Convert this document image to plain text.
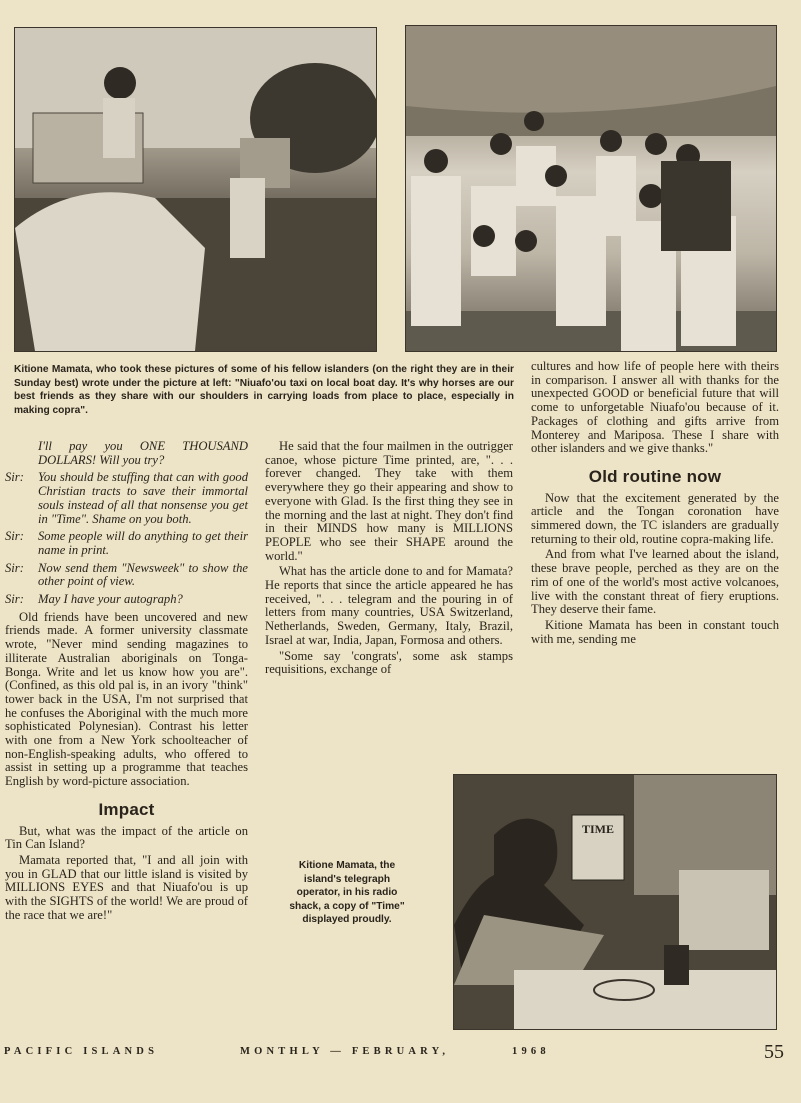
Kitione Mamata, who took these pictures of some of his fellow islanders (on the right they are in their Sunday best) wrote under the picture at left: "Niuafo'ou taxi on local boat day. It's why horses are our best friends as they share with our shoulders in carrying loads from place to place, especially in making copra".

I'll pay you ONE THOUSAND DOLLARS! Will you try?
Sir:	You should be stuffing that can with good Christian tracts to save their immortal souls instead of all that nonsense you get in "Time". Shame on you both.
Sir:	Some people will do anything to get their name in print.
Sir:	Now send them "Newsweek" to show the other point of view.
Sir:	May I have your autograph?

Old friends have been uncovered and new friends made. A former university classmate wrote, "Never mind sending magazines to illiterate Australian aboriginals on Tonga-Bonga. Write and let us know how you are". (Confined, as this old pal is, in an ivory "think" tower back in the USA, I'm not surprised that he confuses the Aboriginal with the much more sophisticated Polynesian). Contrast his letter with one from a New York schoolteacher of non-English-speaking adults, who offered to assist in setting up a programme that teaches English by word-picture association.

Impact

But, what was the impact of the article on Tin Can Island?

Mamata reported that, "I and all join with you in GLAD that our little island is visited by MILLIONS EYES and that Niuafo'ou is up with the SIGHTS of the world! We are proud of the race that we are!"

He said that the four mailmen in the outrigger canoe, whose picture Time printed, are, ". . . forever changed. They take with them everywhere they go their appearing and show to everyone with Glad. Is the first thing they see in the morning and the last at night. They don't find in their MINDS how many is MILLIONS PEOPLE who see their SHAPE around the world."

What has the article done to and for Mamata? He reports that since the article appeared he has received, ". . . telegram and the pouring in of letters from many countries, USA Switzerland, Netherlands, Sweden, Germany, Italy, Brazil, Israel at war, India, Japan, Formosa and others.

"Some say 'congrats', some ask stamps requisitions, exchange of

cultures and how life of people here with theirs in comparison. I answer all with thanks for the unexpected GOOD or beneficial future that will come to unforgetable Niuafo'ou because of it. Packages of clothing and gifts arrive from Monterey and Mariposa. These I share with other islanders and we give thanks."

Old routine now

Now that the excitement generated by the article and the Tongan coronation have simmered down, the TC islanders are gradually returning to their old, routine copra-making life.

And from what I've learned about the island, these brave people, perched as they are on the rim of one of the world's most active volcanoes, live with the constant threat of fiery eruptions. They deserve their fame.

Kitione Mamata has been in constant touch with me, sending me

Kitione Mamata, the island's telegraph operator, in his radio shack, a copy of "Time" displayed proudly.

TIME
PACIFIC ISLANDS	MONTHLY — FEBRUARY,	1968	55
